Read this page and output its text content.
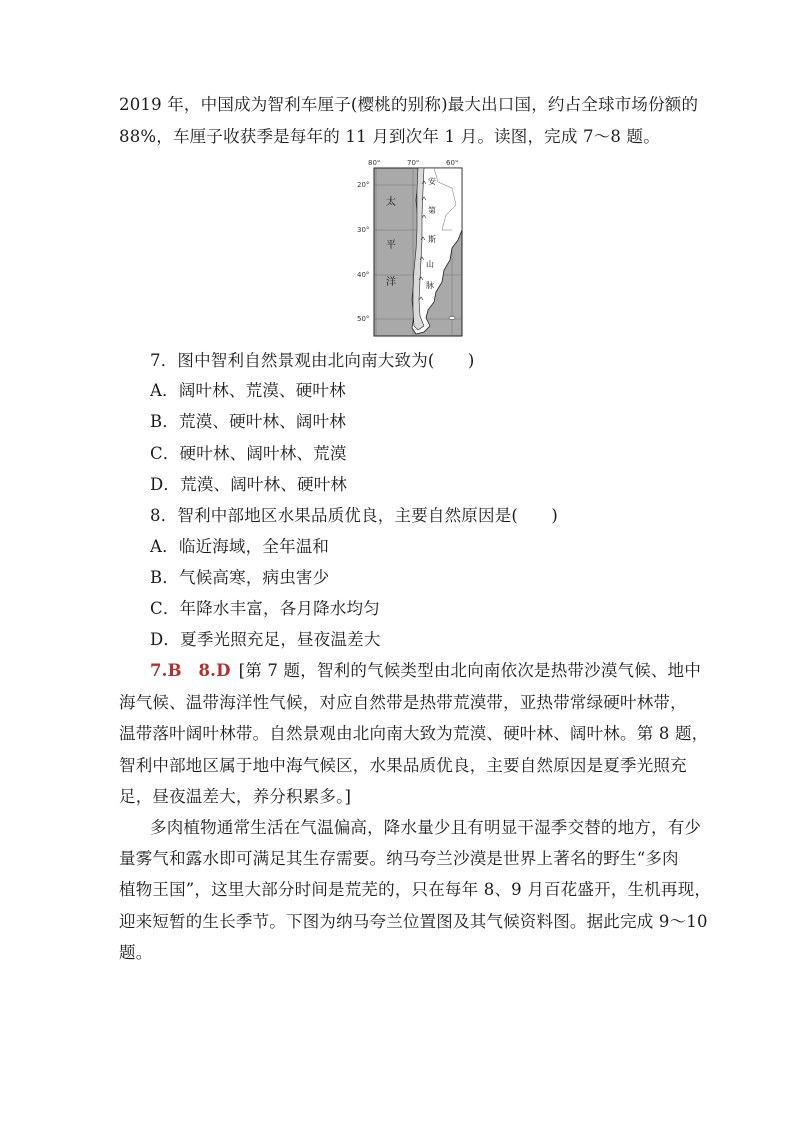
2019 年，中国成为智利车厘子(樱桃的别称)最大出口国，约占全球市场份额的
88%，车厘子收获季是每年的 11 月到次年 1 月。读图，完成 7～8 题。
80°	70°	60°
20°
30°
40°
50°
太
平
洋
安
第
斯
山
脉
7．图中智利自然景观由北向南大致为(　　)
A．阔叶林、荒漠、硬叶林
B．荒漠、硬叶林、阔叶林
C．硬叶林、阔叶林、荒漠
D．荒漠、阔叶林、硬叶林
8．智利中部地区水果品质优良，主要自然原因是(　　)
A．临近海域，全年温和
B．气候高寒，病虫害少
C．年降水丰富，各月降水均匀
D．夏季光照充足，昼夜温差大
7.B　8.D [第 7 题，智利的气候类型由北向南依次是热带沙漠气候、地中
海气候、温带海洋性气候，对应自然带是热带荒漠带，亚热带常绿硬叶林带，
温带落叶阔叶林带。自然景观由北向南大致为荒漠、硬叶林、阔叶林。第 8 题，
智利中部地区属于地中海气候区，水果品质优良，主要自然原因是夏季光照充
足，昼夜温差大，养分积累多。]
多肉植物通常生活在气温偏高，降水量少且有明显干湿季交替的地方，有少
量雾气和露水即可满足其生存需要。纳马夸兰沙漠是世界上著名的野生“多肉
植物王国”，这里大部分时间是荒芜的，只在每年 8、9 月百花盛开，生机再现，
迎来短暂的生长季节。下图为纳马夸兰位置图及其气候资料图。据此完成 9～10
题。
